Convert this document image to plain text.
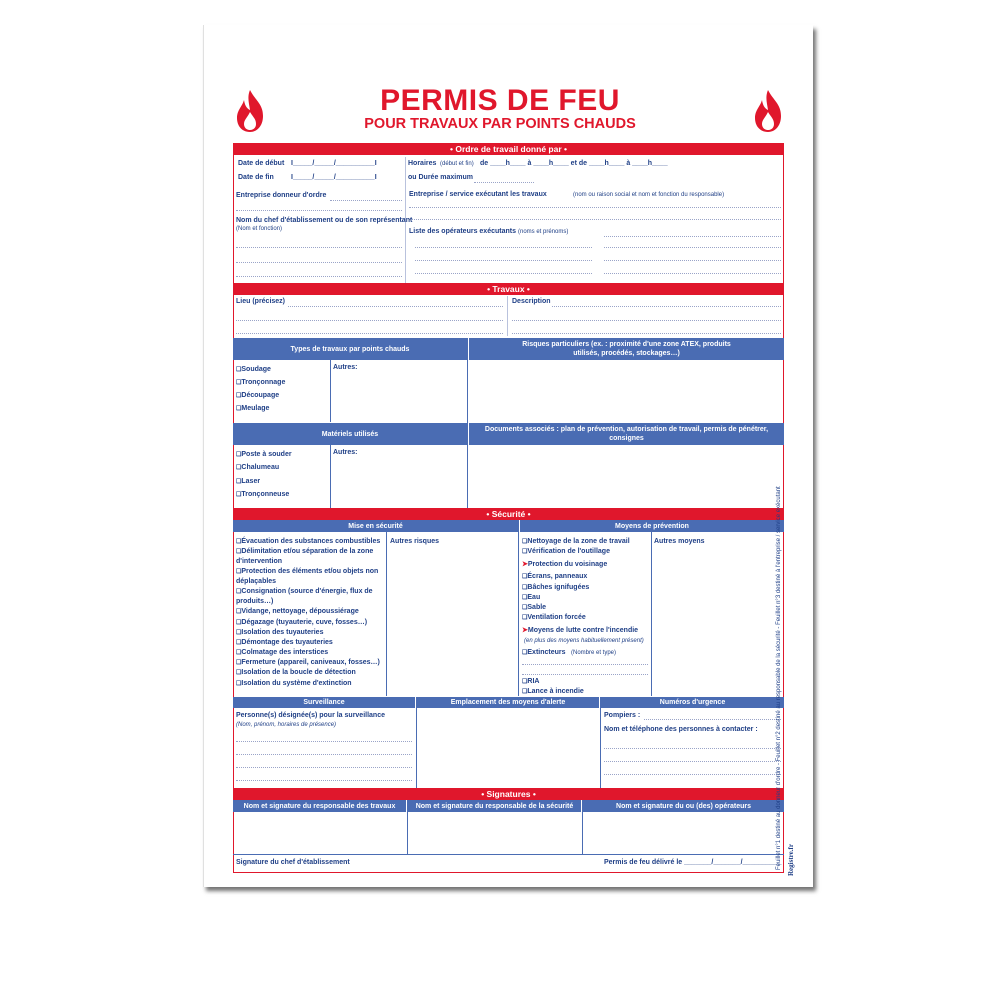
PERMIS DE FEU
POUR TRAVAUX PAR POINTS CHAUDS
• Ordre de travail donné par •
Date de début I_____/_____/__________I
Date de fin I_____/_____/__________I
Horaires (début et fin) de ____h____ à ____h____ et de ____h____ à ____h____
ou Durée maximum
Entreprise donneur d'ordre	Entreprise / service exécutant les travaux	(nom ou raison social et nom et fonction du responsable)
Nom du chef d'établissement ou de son représentant
(Nom et fonction)	Liste des opérateurs exécutants (noms et prénoms)
• Travaux •
Lieu (précisez)	Description
Types de travaux par points chauds
Risques particuliers (ex. : proximité d'une zone ATEX, produits utilisés, procédés, stockages…)
❏ Soudage
❏ Tronçonnage
❏ Découpage
❏ Meulage
Autres:
Matériels utilisés
Documents associés : plan de prévention, autorisation de travail, permis de pénétrer, consignes
❏ Poste à souder
❏ Chalumeau
❏ Laser
❏ Tronçonneuse
Autres:
• Sécurité •
Mise en sécurité	Moyens de prévention
Autres risques	Autres moyens
❏ Évacuation des substances combustibles
❏ Délimitation et/ou séparation de la zone
d'intervention
❏ Protection des éléments et/ou objets non
déplaçables
❏ Consignation (source d'énergie, flux de
produits…)
❏ Vidange, nettoyage, dépoussiérage
❏ Dégazage (tuyauterie, cuve, fosses…)
❏ Isolation des tuyauteries
❏ Démontage des tuyauteries
❏ Colmatage des interstices
❏ Fermeture (appareil, caniveaux, fosses…)
❏ Isolation de la boucle de détection
❏ Isolation du système d'extinction
❏ Nettoyage de la zone de travail
❏ Vérification de l'outillage
➤ Protection du voisinage
❏ Écrans, panneaux
❏ Bâches ignifugées
❏ Eau
❏ Sable
❏ Ventilation forcée
➤ Moyens de lutte contre l'incendie
(en plus des moyens habituellement présent)
❏ Extincteurs (Nombre et type)
❏ RIA
❏ Lance à incendie
Surveillance	Emplacement des moyens d'alerte	Numéros d'urgence
Personne(s) désignée(s) pour la surveillance
(Nom, prénom, horaires de présence)
Pompiers :
Nom et téléphone des personnes à contacter :
• Signatures •
Nom et signature du responsable des travaux	Nom et signature du responsable de la sécurité	Nom et signature du ou (des) opérateurs
Signature du chef d'établissement	Permis de feu délivré le _______/_______/__________
Feuillet n°1 destiné au donneur d'ordre - Feuillet n°2 destiné au responsable de la sécurité - Feuillet n°3 destiné à l'entreprise / service exécutant Registre.fr
